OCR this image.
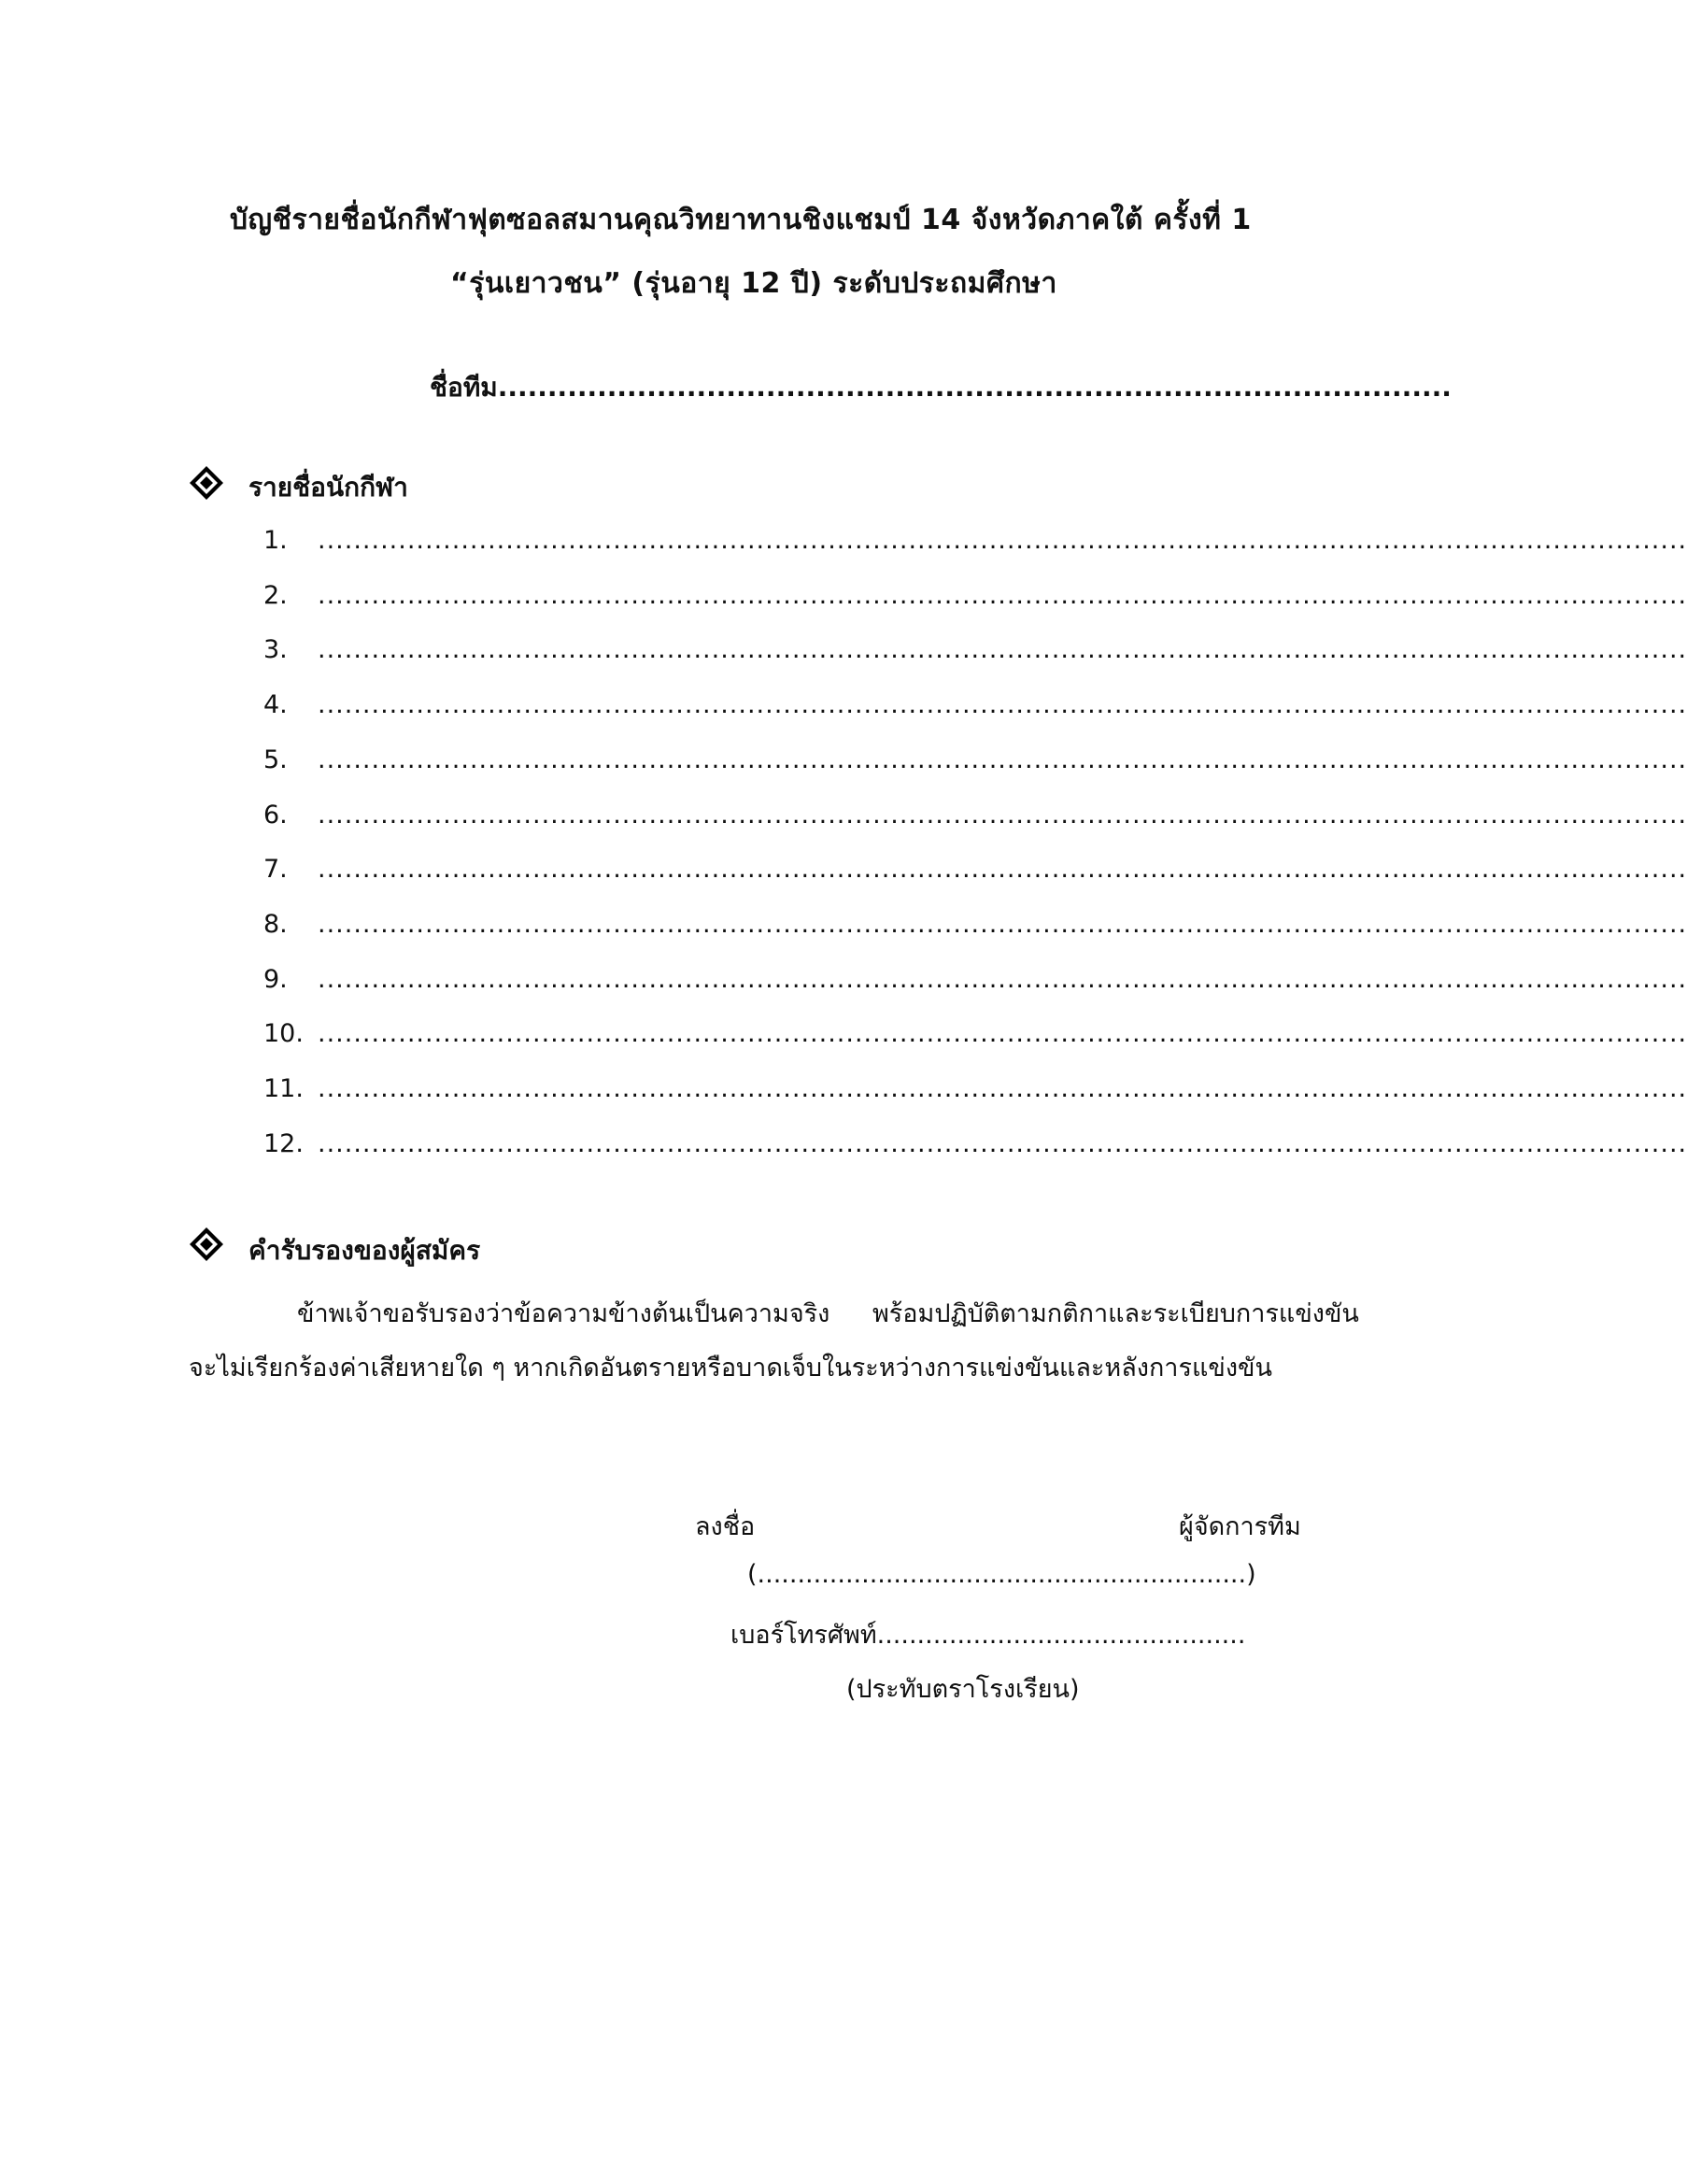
บัญชีรายชื่อนักกีฬาฟุตซอลสมานคุณวิทยาทานชิงแชมป์ 14 จังหวัดภาคใต้ ครั้งที่ 1
“รุ่นเยาวชน” (รุ่นอายุ 12 ปี) ระดับประถมศึกษา
ชื่อทีม................................................................................................
รายชื่อนักกีฬา
1.	.........................................................................................................................................................
2.	.........................................................................................................................................................
3.	.........................................................................................................................................................
4.	.........................................................................................................................................................
5.	.........................................................................................................................................................
6.	.........................................................................................................................................................
7.	.........................................................................................................................................................
8.	.........................................................................................................................................................
9.	.........................................................................................................................................................
10. .........................................................................................................................................................
11. .........................................................................................................................................................
12. .........................................................................................................................................................
คำรับรองของผู้สมัคร
ข้าพเจ้าขอรับรองว่าข้อความข้างต้นเป็นความจริง พร้อมปฏิบัติตามกติกาและระเบียบการแข่งขัน
จะไม่เรียกร้องค่าเสียหายใด ๆ หากเกิดอันตรายหรือบาดเจ็บในระหว่างการแข่งขันและหลังการแข่งขัน
ลงชื่อ	ผู้จัดการทีม
(.............................................................)
เบอร์โทรศัพท์..............................................
(ประทับตราโรงเรียน)
